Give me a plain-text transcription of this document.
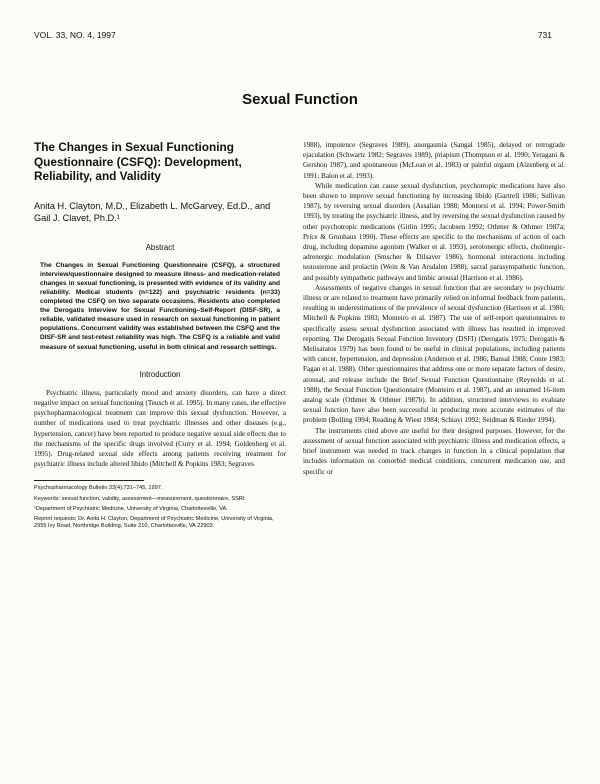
VOL. 33, NO. 4, 1997	731
Sexual Function
The Changes in Sexual Functioning Questionnaire (CSFQ): Development, Reliability, and Validity
Anita H. Clayton, M.D., Elizabeth L. McGarvey, Ed.D., and Gail J. Clavet, Ph.D.¹
Abstract
The Changes in Sexual Functioning Questionnaire (CSFQ), a structured interview/questionnaire designed to measure illness- and medication-related changes in sexual functioning, is presented with evidence of its validity and reliability. Medical students (n=122) and psychiatric residents (n=33) completed the CSFQ on two separate occasions. Residents also completed the Derogatis Interview for Sexual Functioning–Self-Report (DISF-SR), a reliable, validated measure used in research on sexual functioning in patient populations. Concurrent validity was established between the CSFQ and the DISF-SR and test-retest reliability was high. The CSFQ is a reliable and valid measure of sexual functioning, useful in both clinical and research settings.
Introduction

Psychiatric illness, particularly mood and anxiety disorders, can have a direct negative impact on sexual functioning (Teusch et al. 1995). In many cases, the effective psychopharmacological treatment can improve this sexual dysfunction. However, a number of medications used to treat psychiatric illnesses and other diseases (e.g., hypertension, cancer) have been reported to produce negative sexual side effects due to the mechanisms of the specific drugs involved (Curry et al. 1994; Goldenberg et al. 1995). Drug-related sexual side effects among patients receiving treatment for psychiatric illness include altered libido (Mitchell & Popkins 1983; Segraves

Psychopharmacology Bulletin 33(4):731–745, 1997.

Keywords: sexual function, validity, assessment—measurement, questionnaire, SSRI.

¹Department of Psychiatric Medicine, University of Virginia, Charlottesville, VA.

Reprint requests: Dr. Anita H. Clayton, Department of Psychiatric Medicine, University of Virginia, 2955 Ivy Road, Northridge Building, Suite 210, Charlottesville, VA 22903.

1988), impotence (Segraves 1989), anorgasmia (Sangal 1985), delayed or retrograde ejaculation (Schwartz 1982; Segraves 1989), priapism (Thompson et al. 1990; Yeragani & Gershon 1987), and spontaneous (McLean et al. 1983) or painful orgasm (Aizenberg et al. 1991; Balon et al. 1993).

While medication can cause sexual dysfunction, psychotropic medications have also been shown to improve sexual functioning by increasing libido (Gartrell 1986; Sullivan 1987), by reversing sexual disorders (Assalian 1988; Montorsi et al. 1994; Power-Smith 1993), by treating the psychiatric illness, and by reversing the sexual dysfunction caused by other psychotropic medications (Gitlin 1995; Jacobsen 1992; Othmer & Othmer 1987a; Price & Grunhaus 1990). These effects are specific to the mechanisms of action of each drug, including dopamine agonism (Walker et al. 1993), serotonergic effects, cholinergic-adrenergic modulation (Smscher & Dilsaver 1986), hormonal interactions including testosterone and prolactin (Wein & Van Arsdalen 1988), sacral parasympathetic function, and possibly sympathetic pathways and limbic arousal (Harrison et al. 1986).

Assessments of negative changes in sexual function that are secondary to psychiatric illness or are related to treatment have primarily relied on informal feedback from patients, resulting in underestimations of the prevalence of sexual dysfunction (Harrison et al. 1986; Mitchell & Popkins 1983; Monteiro et al. 1987). The use of self-report questionnaires to specifically assess sexual dysfunction associated with illness has resulted in improved reporting. The Derogatis Sexual Function Inventory (DSFI) (Derogatis 1975; Derogatis & Melisaratos 1979) has been found to be useful in clinical populations, including patients with cancer, hypertension, and depression (Anderson et al. 1986; Bansal 1988; Conte 1983; Fagan et al. 1988). Other questionnaires that address one or more separate factors of desire, arousal, and release include the Brief Sexual Function Questionnaire (Reynolds et al. 1988), the Sexual Function Questionnaire (Monteiro et al. 1987), and an unnamed 16-item analog scale (Othmer & Othmer 1987b). In addition, structured interviews to evaluate sexual function have also been successful in producing more accurate estimates of the problem (Bolling 1994; Reading & Wiest 1984; Schiavi 1992; Seidman & Rieder 1994).

The instruments cited above are useful for their designed purposes. However, for the assessment of sexual function associated with psychiatric illness and medication effects, a brief instrument was needed to track changes in function in a clinical population that includes information on comorbid medical conditions, concurrent medication use, and specific or
